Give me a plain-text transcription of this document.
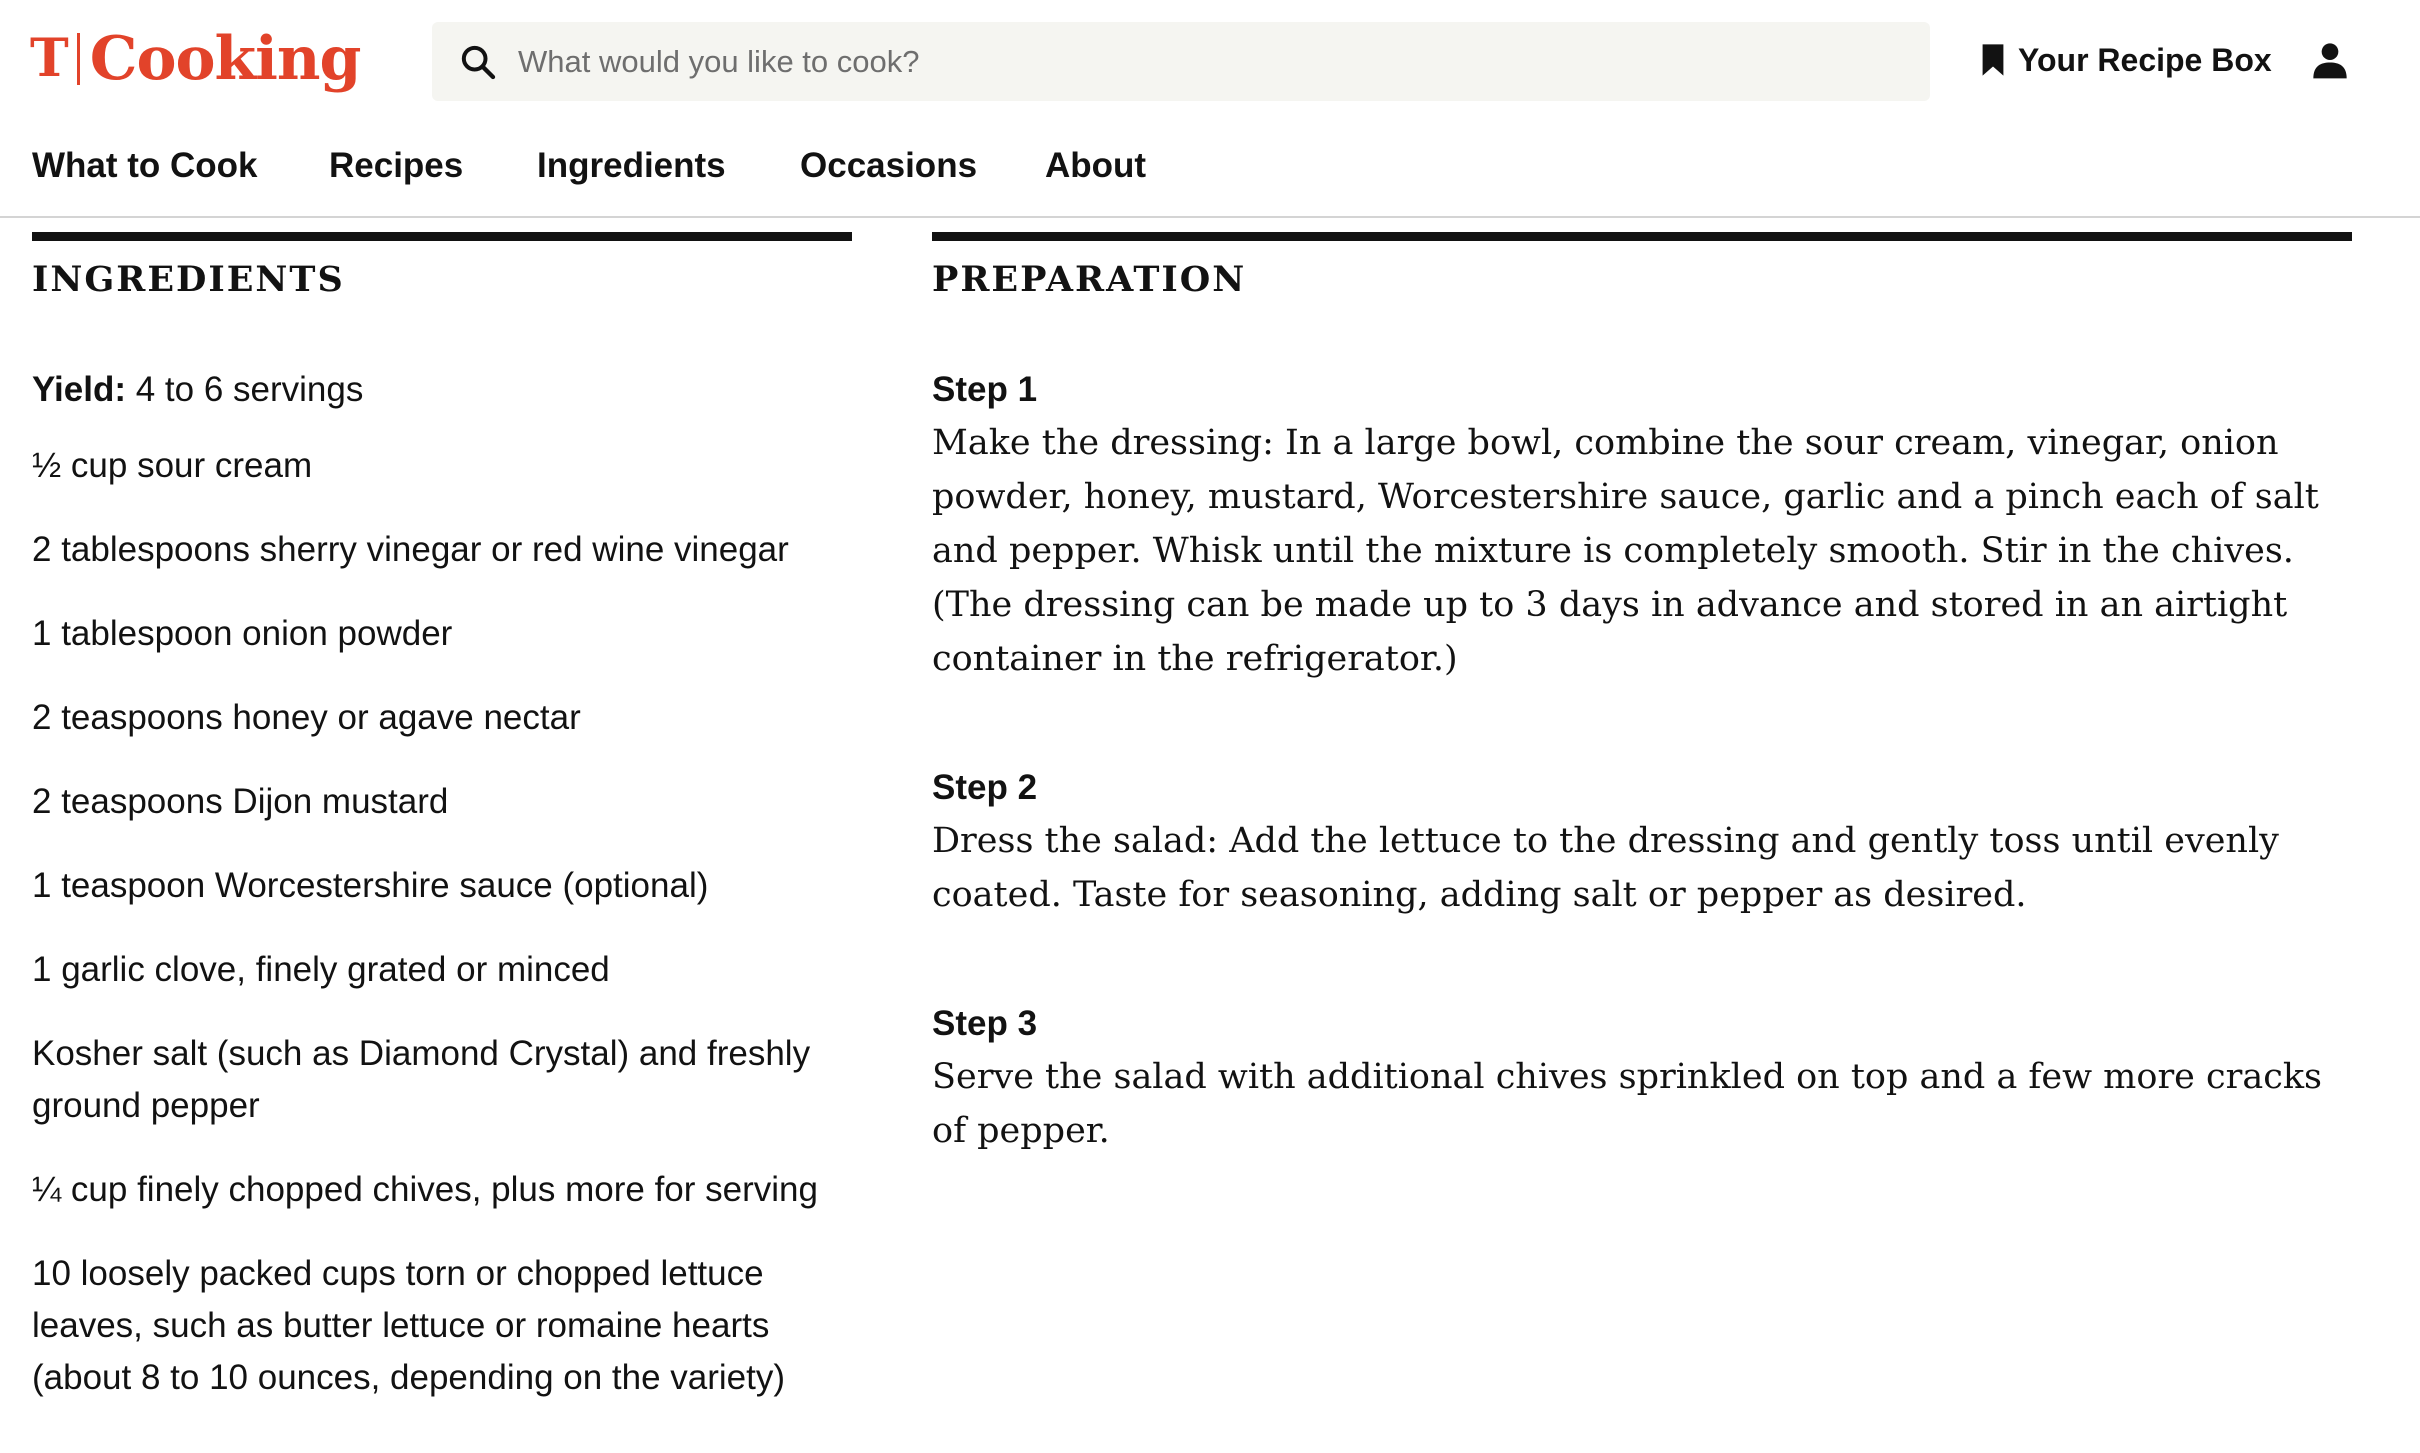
T Cooking
What would you like to cook?	Your Recipe Box
What to Cook Recipes Ingredients Occasions About
INGREDIENTS
Yield: 4 to 6 servings
½ cup sour cream
2 tablespoons sherry vinegar or red wine vinegar
1 tablespoon onion powder
2 teaspoons honey or agave nectar
2 teaspoons Dijon mustard
1 teaspoon Worcestershire sauce (optional)
1 garlic clove, finely grated or minced
Kosher salt (such as Diamond Crystal) and freshly ground pepper
¼ cup finely chopped chives, plus more for serving
10 loosely packed cups torn or chopped lettuce leaves, such as butter lettuce or romaine hearts (about 8 to 10 ounces, depending on the variety)
PREPARATION
Step 1
Make the dressing: In a large bowl, combine the sour cream, vinegar, onion powder, honey, mustard, Worcestershire sauce, garlic and a pinch each of salt and pepper. Whisk until the mixture is completely smooth. Stir in the chives. (The dressing can be made up to 3 days in advance and stored in an airtight container in the refrigerator.)
Step 2
Dress the salad: Add the lettuce to the dressing and gently toss until evenly coated. Taste for seasoning, adding salt or pepper as desired.
Step 3
Serve the salad with additional chives sprinkled on top and a few more cracks of pepper.
